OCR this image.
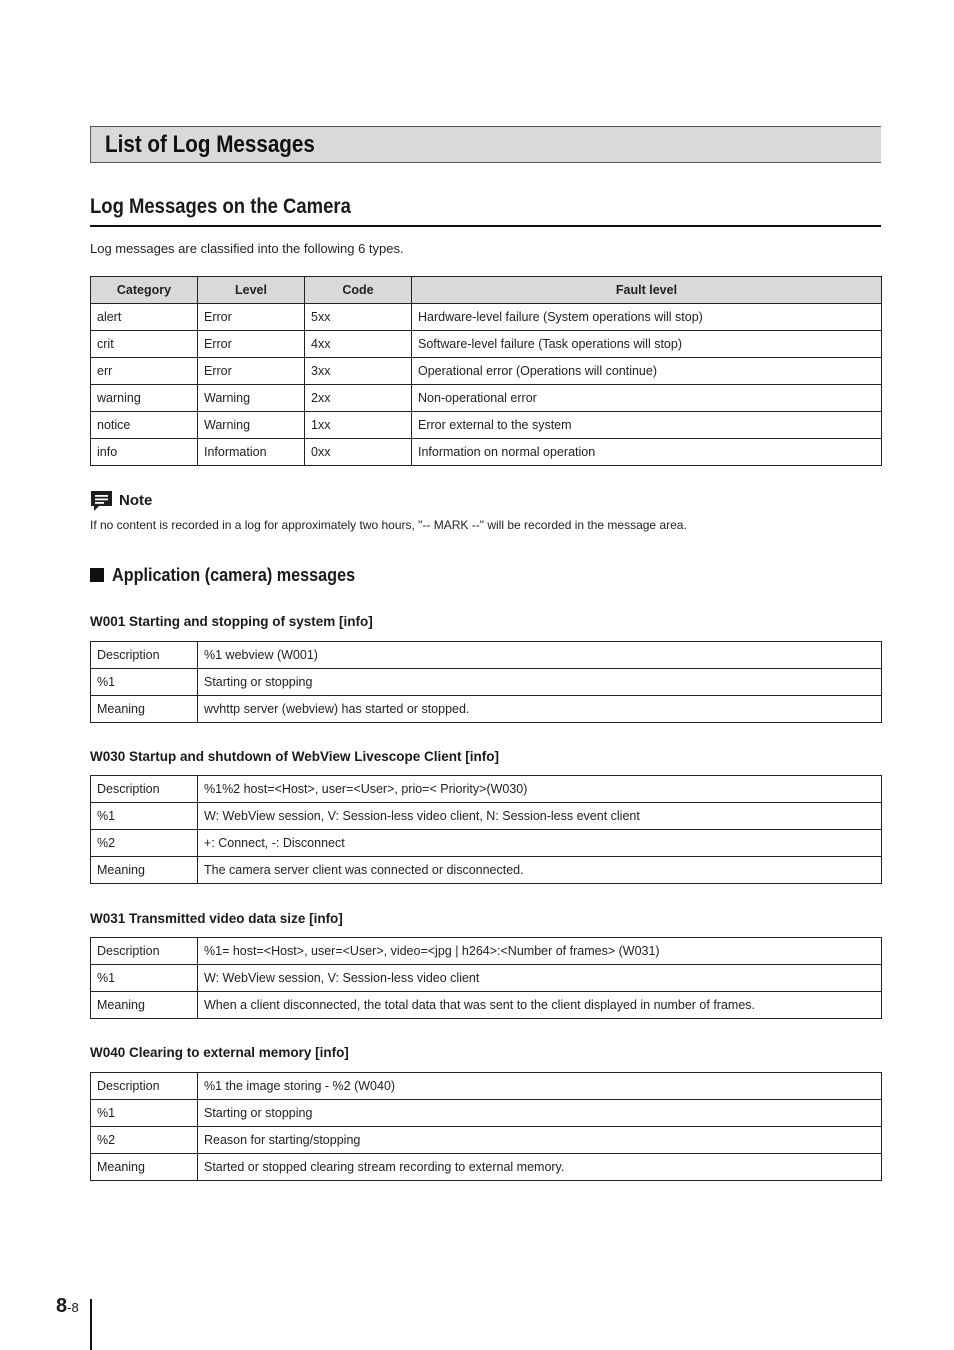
List of Log Messages
Log Messages on the Camera
Log messages are classified into the following 6 types.
Category	Level	Code	Fault level
alert	Error	5xx	Hardware-level failure (System operations will stop)
crit	Error	4xx	Software-level failure (Task operations will stop)
err	Error	3xx	Operational error (Operations will continue)
warning	Warning	2xx	Non-operational error
notice	Warning	1xx	Error external to the system
info	Information	0xx	Information on normal operation
Note
If no content is recorded in a log for approximately two hours, "-- MARK --" will be recorded in the message area.
Application (camera) messages
W001 Starting and stopping of system [info]
Description	%1 webview (W001)
%1	Starting or stopping
Meaning	wvhttp server (webview) has started or stopped.
W030 Startup and shutdown of WebView Livescope Client [info]
Description	%1%2 host=<Host>, user=<User>, prio=< Priority>(W030)
%1	W: WebView session, V: Session-less video client, N: Session-less event client
%2	+: Connect, -: Disconnect
Meaning	The camera server client was connected or disconnected.
W031 Transmitted video data size [info]
Description	%1= host=<Host>, user=<User>, video=<jpg | h264>:<Number of frames> (W031)
%1	W: WebView session, V: Session-less video client
Meaning	When a client disconnected, the total data that was sent to the client displayed in number of frames.
W040 Clearing to external memory [info]
Description	%1 the image storing - %2 (W040)
%1	Starting or stopping
%2	Reason for starting/stopping
Meaning	Started or stopped clearing stream recording to external memory.
8 -8
